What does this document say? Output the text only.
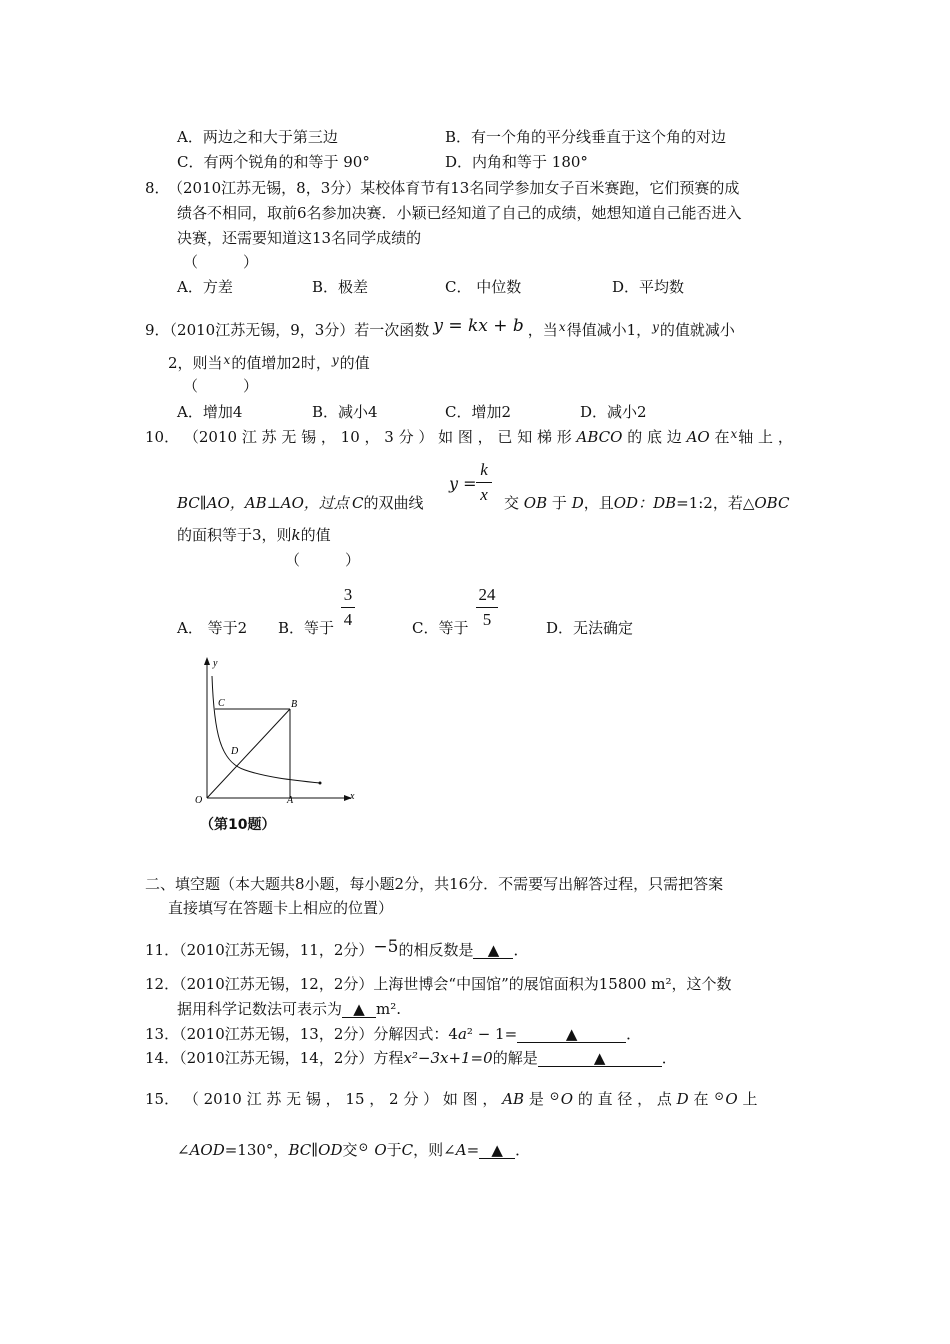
A．两边之和大于第三边	B．有一个角的平分线垂直于这个角的对边
C．有两个锐角的和等于 90°	D．内角和等于 180°
8．
（2010江苏无锡，8，3分）某校体育节有13名同学参加女子百米赛跑，它们预赛的成
绩各不相同，取前6名参加决赛．小颖已经知道了自己的成绩，她想知道自己能否进入
决赛，还需要知道这13名同学成绩的
（　　　）
A．方差	B．极差	C． 中位数	D．平均数
9．（2010江苏无锡，9，3分）若一次函数 y = kx + b ，当$^x$得值减小1，$^y$的值就减小
2，则当$^x$的值增加2时，$^y$的值
（　　　）
A．增加4	B．减小4	C．增加2	D．减小2
10． （2010 江 苏 无 锡 ， 10 ， 3 分 ） 如 图 ， 已 知 梯 形 ABCO 的 底 边 AO 在$^x$轴 上 ，
BC∥AO，AB⊥AO，过点 C的双曲线
y =
k
x 交 OB 于 D，且OD：DB=1:2，若△OBC
的面积等于3，则k的值
（　　　）
A． 等于2 B．等于
3
4	C．等于
24
5	D．无法确定
y
x
O	A
B
C
D
（第10题）
二、填空题（本大题共8小题，每小题2分，共16分．不需要写出解答过程，只需把答案
直接填写在答题卡上相应的位置）
11．（2010江苏无锡，11，2分）−5的相反数是 ▲ ．
12．（2010江苏无锡，12，2分）上海世博会“中国馆”的展馆面积为15800 m²，这个数
据用科学记数法可表示为 ▲ m².
13．（2010江苏无锡，13，2分）分解因式：4a² − 1=	▲	．
14．（2010江苏无锡，14，2分）方程x²−3x+1=0的解是	▲	．
15． （ 2010 江 苏 无 锡 ， 15 ， 2 分 ） 如 图 ， AB 是 ⊙O 的 直 径 ， 点 D 在 ⊙O 上
∠AOD=130°，BC∥OD交⊙ O于C，则∠A= ▲ ．
